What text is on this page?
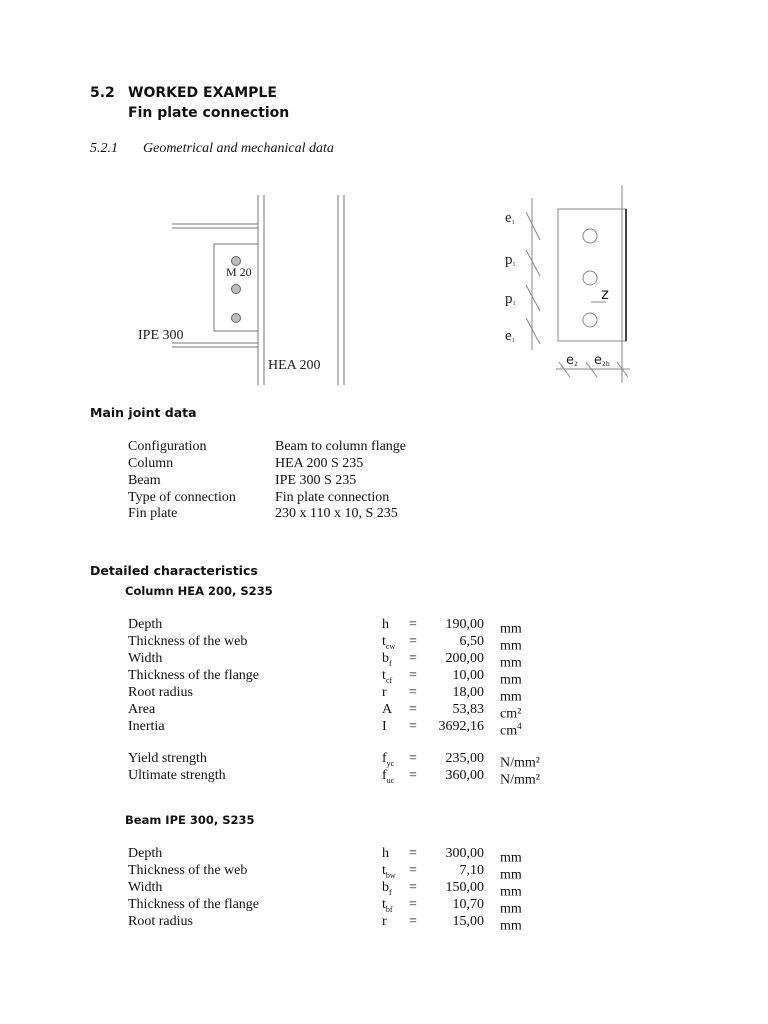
5.2 WORKED EXAMPLE
Fin plate connection
5.2.1 Geometrical and mechanical data
M 20
IPE 300
HEA 200
e1
p1
p1
e1
z
e2 e2b
Main joint data
Configuration	Beam to column flange
Column	HEA 200 S 235
Beam	IPE 300 S 235
Type of connection	Fin plate connection
Fin plate	230 x 110 x 10, S 235
Detailed characteristics
Column HEA 200, S235
Depth	h =	190,00 mm
Thickness of the web	$t_{cw}$ =	6,50 mm
Width	$b_f$ =	200,00 mm
Thickness of the flange	$t_{cf}$ =	10,00 mm
Root radius	r =	18,00 mm
Area	A =	53,83 cm²
Inertia	I =	3692,16 $cm^4$
Yield strength	$f_{yc}$ =	235,00 N/mm²
Ultimate strength	$f_{uc}$ =	360,00 N/mm²
Beam IPE 300, S235
Depth	h =	300,00 mm
Thickness of the web	$t_{bw}$ =	7,10 mm
Width	$b_f$ =	150,00 mm
Thickness of the flange	$t_{bf}$ =	10,70 mm
Root radius	r =	15,00 mm
